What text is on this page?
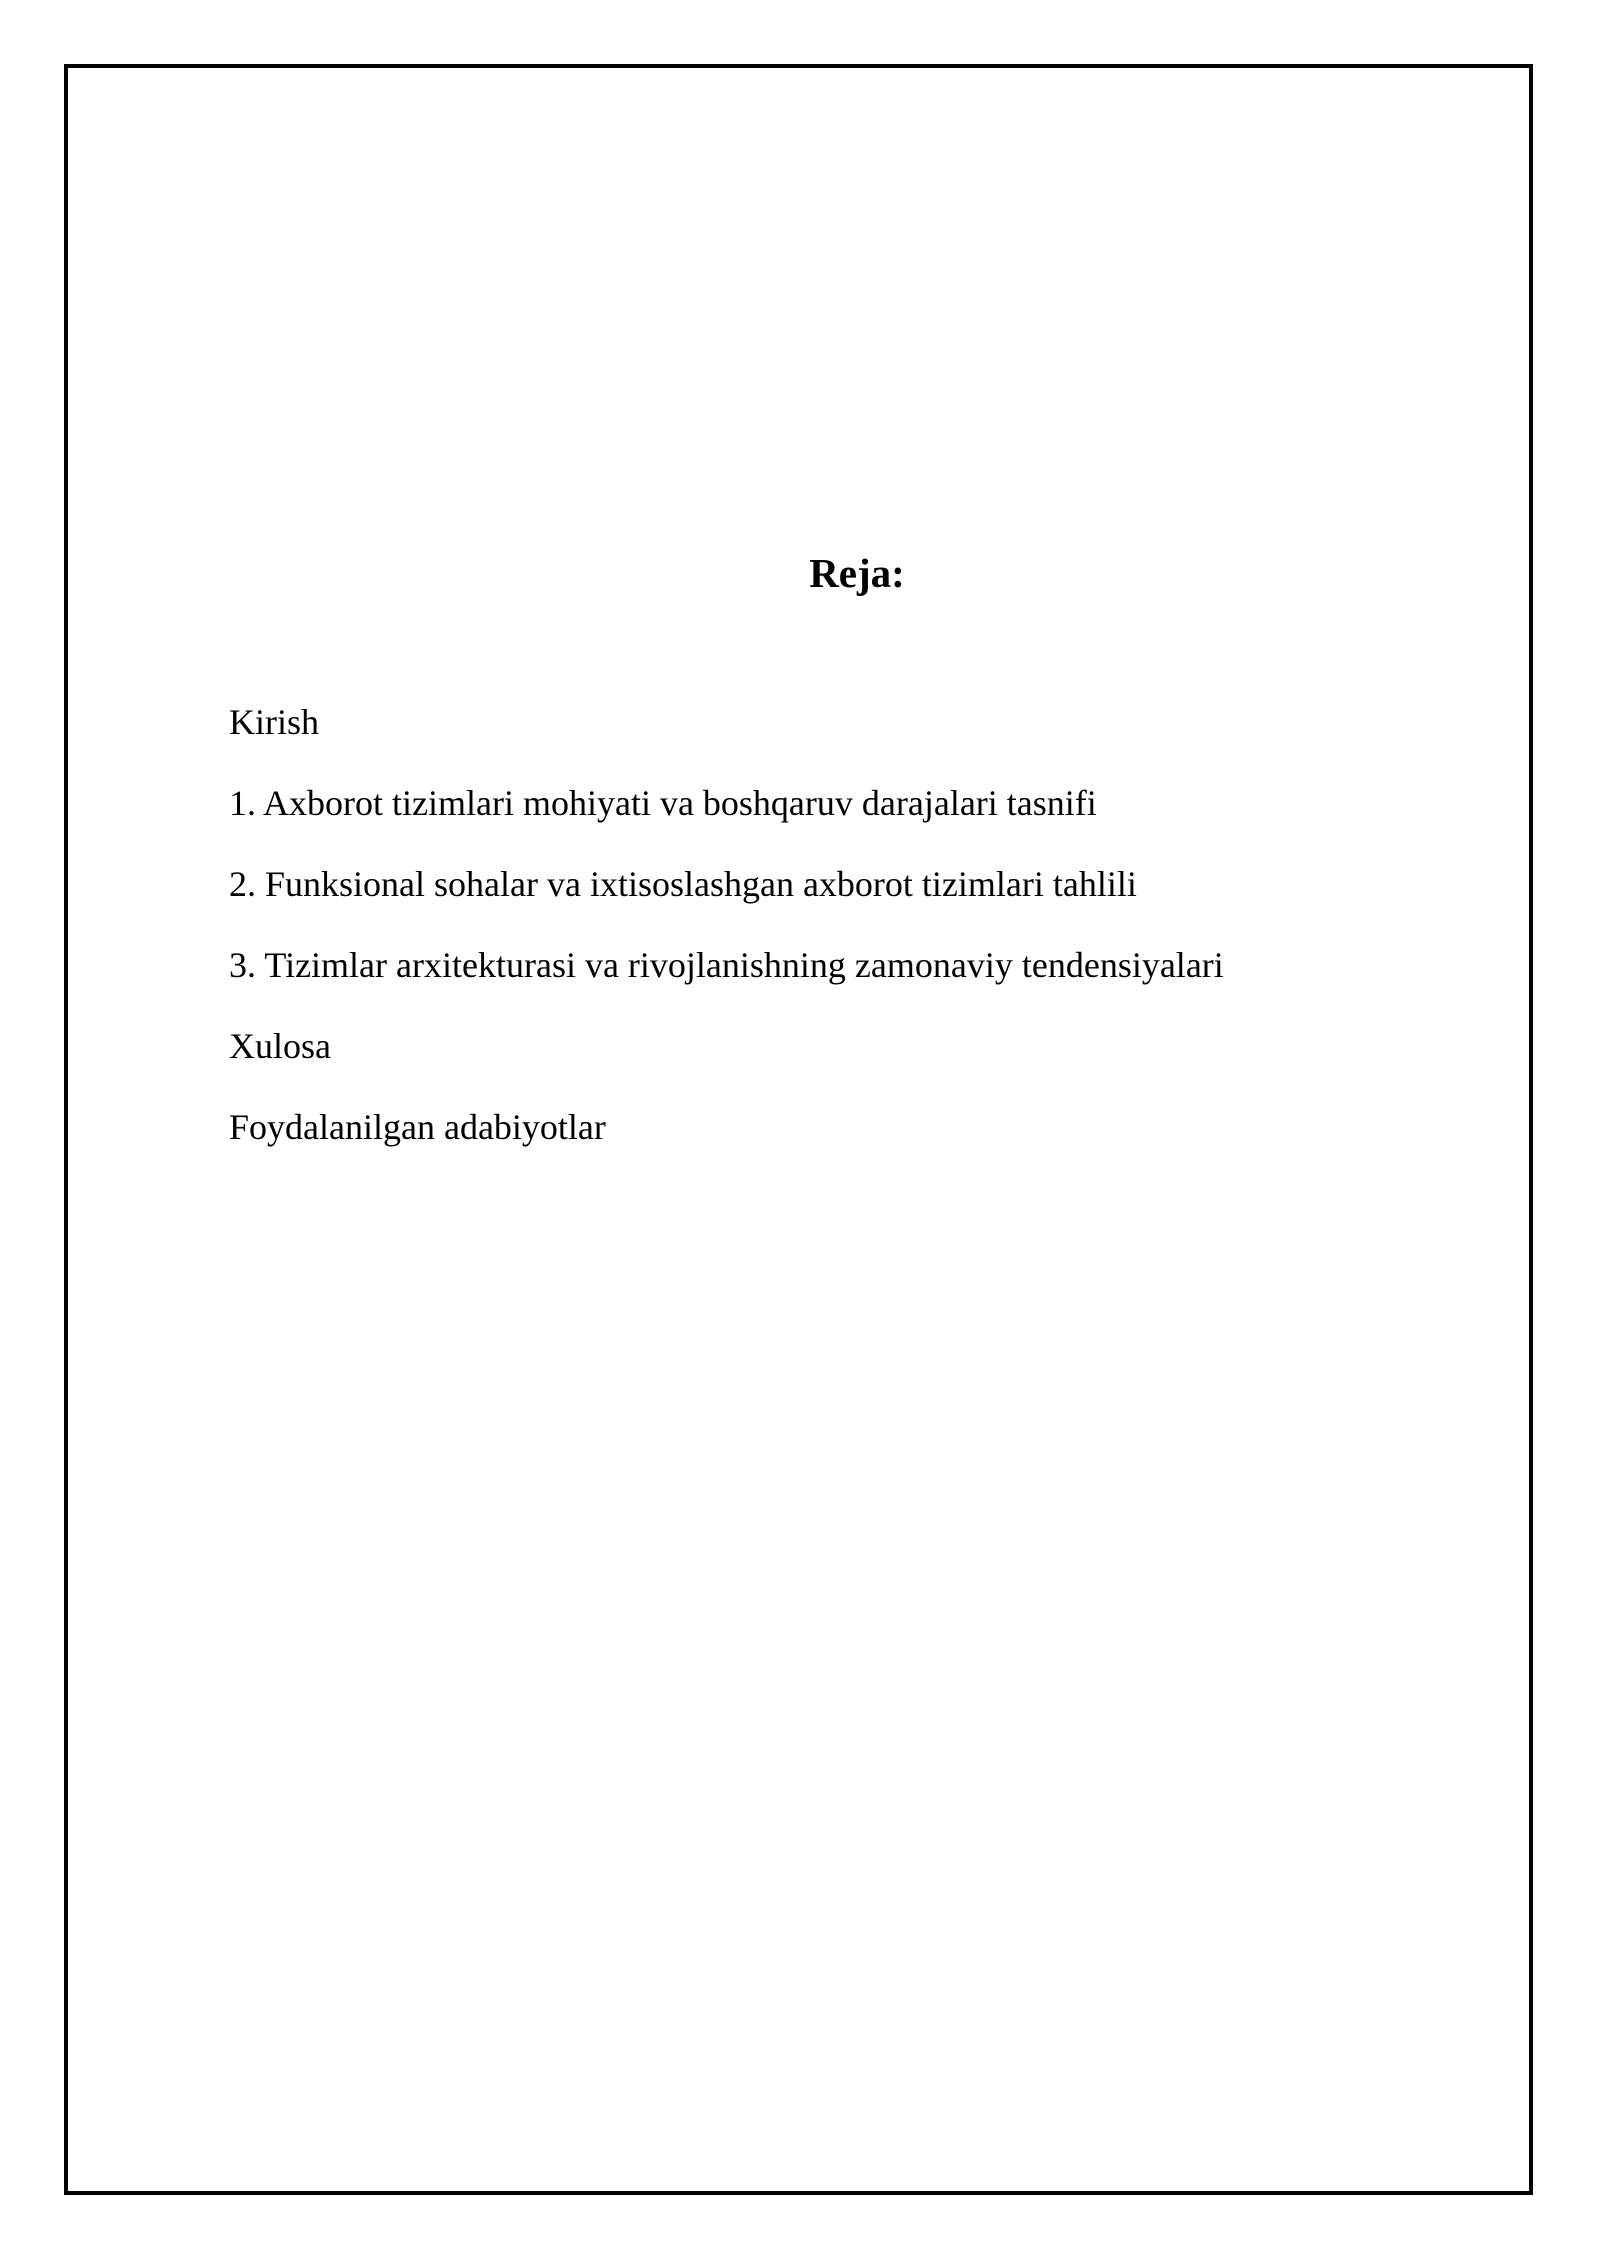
Reja:
Kirish
1. Axborot tizimlari mohiyati va boshqaruv darajalari tasnifi
2. Funksional sohalar va ixtisoslashgan axborot tizimlari tahlili
3. Tizimlar arxitekturasi va rivojlanishning zamonaviy tendensiyalari
Xulosa
Foydalanilgan adabiyotlar
